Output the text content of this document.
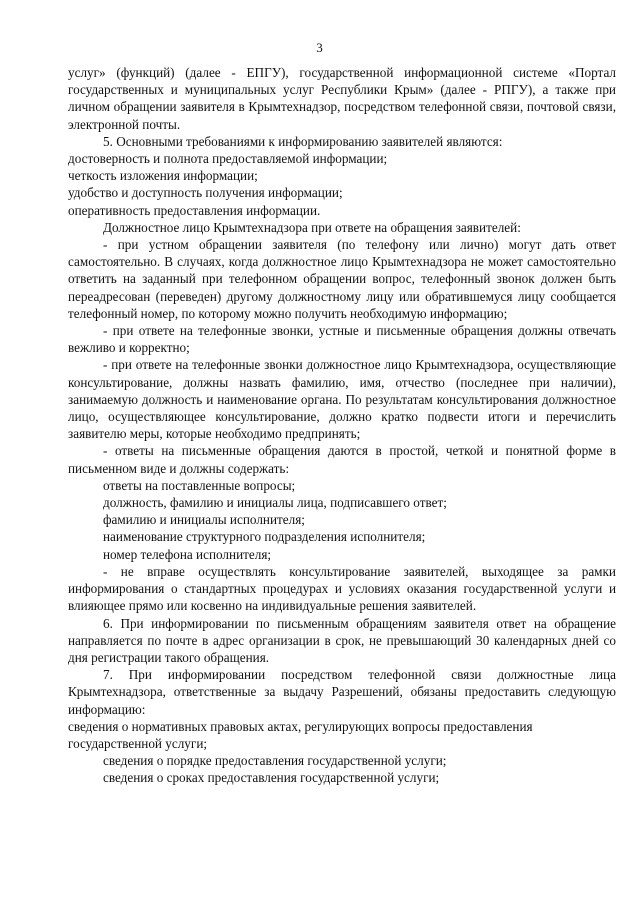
3

услуг» (функций) (далее - ЕПГУ), государственной информационной системе «Портал государственных и муниципальных услуг Республики Крым» (далее - РПГУ), а также при личном обращении заявителя в Крымтехнадзор, посредством телефонной связи, почтовой связи, электронной почты.

5. Основными требованиями к информированию заявителей являются:

достоверность и полнота предоставляемой информации;

четкость изложения информации;

удобство и доступность получения информации;

оперативность предоставления информации.

Должностное лицо Крымтехнадзора при ответе на обращения заявителей:

- при устном обращении заявителя (по телефону или лично) могут дать ответ самостоятельно. В случаях, когда должностное лицо Крымтехнадзора не может самостоятельно ответить на заданный при телефонном обращении вопрос, телефонный звонок должен быть переадресован (переведен) другому должностному лицу или обратившемуся лицу сообщается телефонный номер, по которому можно получить необходимую информацию;

- при ответе на телефонные звонки, устные и письменные обращения должны отвечать вежливо и корректно;

- при ответе на телефонные звонки должностное лицо Крымтехнадзора, осуществляющие консультирование, должны назвать фамилию, имя, отчество (последнее при наличии), занимаемую должность и наименование органа. По результатам консультирования должностное лицо, осуществляющее консультирование, должно кратко подвести итоги и перечислить заявителю меры, которые необходимо предпринять;

- ответы на письменные обращения даются в простой, четкой и понятной форме в письменном виде и должны содержать:

ответы на поставленные вопросы;

должность, фамилию и инициалы лица, подписавшего ответ;

фамилию и инициалы исполнителя;

наименование структурного подразделения исполнителя;

номер телефона исполнителя;

- не вправе осуществлять консультирование заявителей, выходящее за рамки информирования о стандартных процедурах и условиях оказания государственной услуги и влияющее прямо или косвенно на индивидуальные решения заявителей.

6. При информировании по письменным обращениям заявителя ответ на обращение направляется по почте в адрес организации в срок, не превышающий 30 календарных дней со дня регистрации такого обращения.

7. При информировании посредством телефонной связи должностные лица Крымтехнадзора, ответственные за выдачу Разрешений, обязаны предоставить следующую информацию:

сведения о нормативных правовых актах, регулирующих вопросы предоставления государственной услуги;

сведения о порядке предоставления государственной услуги;

сведения о сроках предоставления государственной услуги;
